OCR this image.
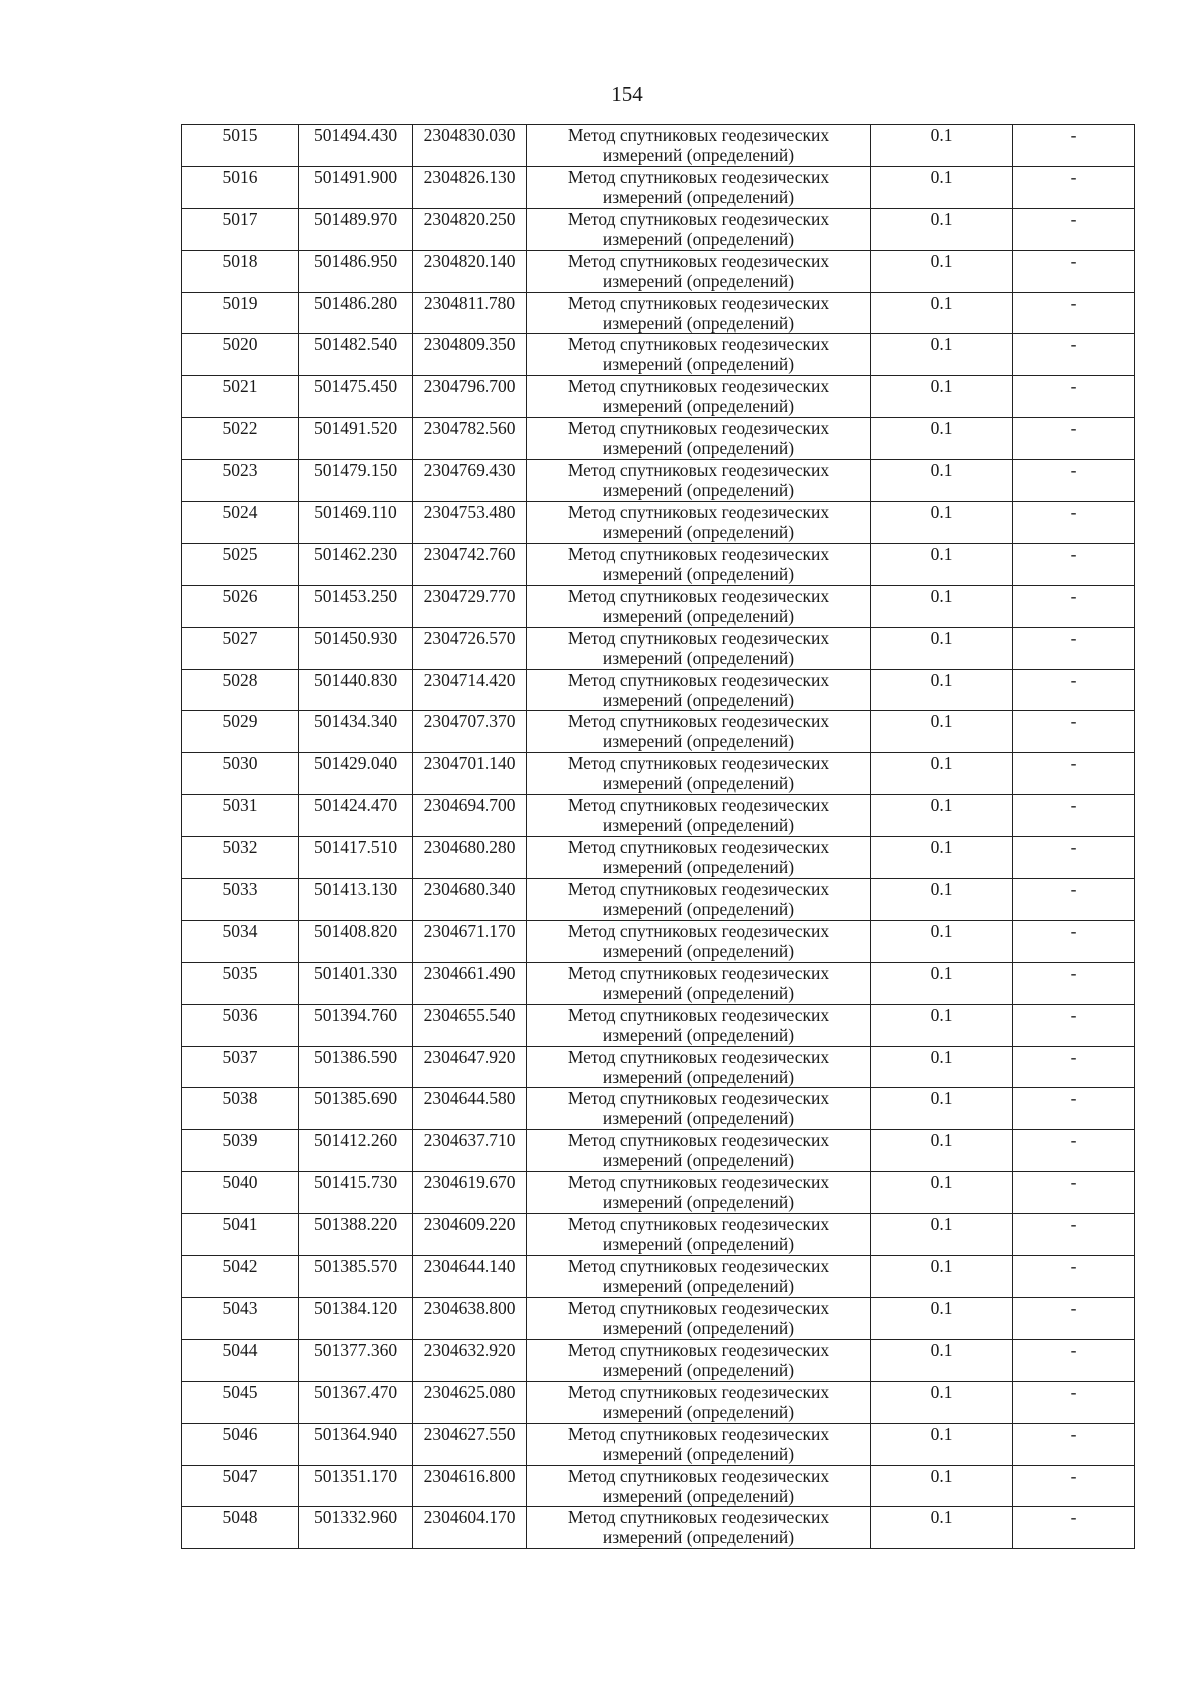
154
5015	501494.430	2304830.030	Метод спутниковых геодезических
измерений (определений)	0.1	-
5016	501491.900	2304826.130	Метод спутниковых геодезических
измерений (определений)	0.1	-
5017	501489.970	2304820.250	Метод спутниковых геодезических
измерений (определений)	0.1	-
5018	501486.950	2304820.140	Метод спутниковых геодезических
измерений (определений)	0.1	-
5019	501486.280	2304811.780	Метод спутниковых геодезических
измерений (определений)	0.1	-
5020	501482.540	2304809.350	Метод спутниковых геодезических
измерений (определений)	0.1	-
5021	501475.450	2304796.700	Метод спутниковых геодезических
измерений (определений)	0.1	-
5022	501491.520	2304782.560	Метод спутниковых геодезических
измерений (определений)	0.1	-
5023	501479.150	2304769.430	Метод спутниковых геодезических
измерений (определений)	0.1	-
5024	501469.110	2304753.480	Метод спутниковых геодезических
измерений (определений)	0.1	-
5025	501462.230	2304742.760	Метод спутниковых геодезических
измерений (определений)	0.1	-
5026	501453.250	2304729.770	Метод спутниковых геодезических
измерений (определений)	0.1	-
5027	501450.930	2304726.570	Метод спутниковых геодезических
измерений (определений)	0.1	-
5028	501440.830	2304714.420	Метод спутниковых геодезических
измерений (определений)	0.1	-
5029	501434.340	2304707.370	Метод спутниковых геодезических
измерений (определений)	0.1	-
5030	501429.040	2304701.140	Метод спутниковых геодезических
измерений (определений)	0.1	-
5031	501424.470	2304694.700	Метод спутниковых геодезических
измерений (определений)	0.1	-
5032	501417.510	2304680.280	Метод спутниковых геодезических
измерений (определений)	0.1	-
5033	501413.130	2304680.340	Метод спутниковых геодезических
измерений (определений)	0.1	-
5034	501408.820	2304671.170	Метод спутниковых геодезических
измерений (определений)	0.1	-
5035	501401.330	2304661.490	Метод спутниковых геодезических
измерений (определений)	0.1	-
5036	501394.760	2304655.540	Метод спутниковых геодезических
измерений (определений)	0.1	-
5037	501386.590	2304647.920	Метод спутниковых геодезических
измерений (определений)	0.1	-
5038	501385.690	2304644.580	Метод спутниковых геодезических
измерений (определений)	0.1	-
5039	501412.260	2304637.710	Метод спутниковых геодезических
измерений (определений)	0.1	-
5040	501415.730	2304619.670	Метод спутниковых геодезических
измерений (определений)	0.1	-
5041	501388.220	2304609.220	Метод спутниковых геодезических
измерений (определений)	0.1	-
5042	501385.570	2304644.140	Метод спутниковых геодезических
измерений (определений)	0.1	-
5043	501384.120	2304638.800	Метод спутниковых геодезических
измерений (определений)	0.1	-
5044	501377.360	2304632.920	Метод спутниковых геодезических
измерений (определений)	0.1	-
5045	501367.470	2304625.080	Метод спутниковых геодезических
измерений (определений)	0.1	-
5046	501364.940	2304627.550	Метод спутниковых геодезических
измерений (определений)	0.1	-
5047	501351.170	2304616.800	Метод спутниковых геодезических
измерений (определений)	0.1	-
5048	501332.960	2304604.170	Метод спутниковых геодезических
измерений (определений)	0.1	-
